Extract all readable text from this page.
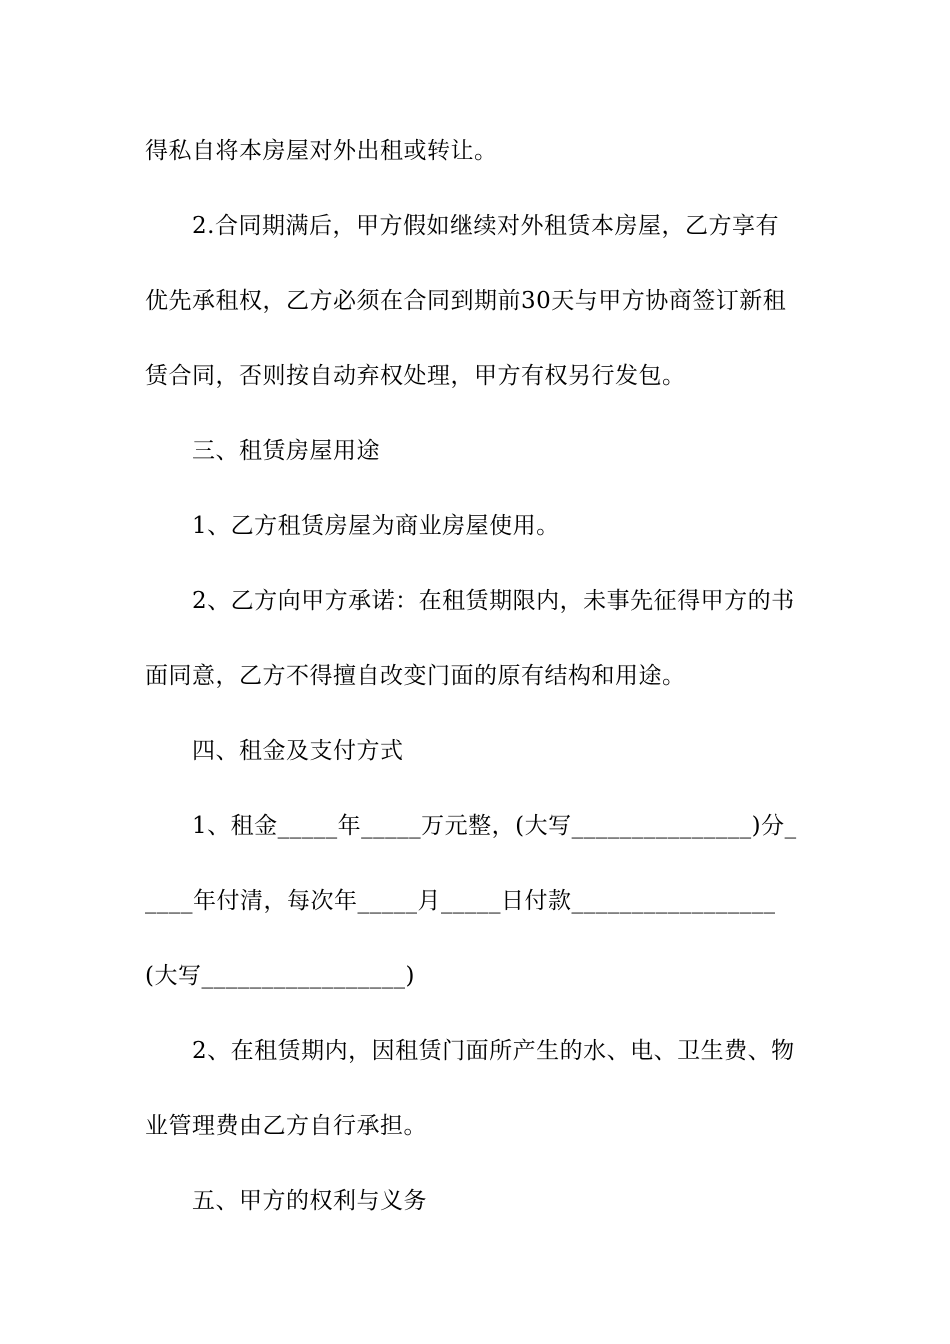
得私自将本房屋对外出租或转让。
2.合同期满后，甲方假如继续对外租赁本房屋，乙方享有
优先承租权，乙方必须在合同到期前30天与甲方协商签订新租
赁合同，否则按自动弃权处理，甲方有权另行发包。
三、租赁房屋用途
1、乙方租赁房屋为商业房屋使用。
2、乙方向甲方承诺：在租赁期限内，未事先征得甲方的书
面同意，乙方不得擅自改变门面的原有结构和用途。
四、租金及支付方式
1、租金_____年_____万元整，(大写_______________)分_
____年付清，每次年_____月_____日付款_________________
(大写_________________)
2、在租赁期内，因租赁门面所产生的水、电、卫生费、物
业管理费由乙方自行承担。
五、甲方的权利与义务
